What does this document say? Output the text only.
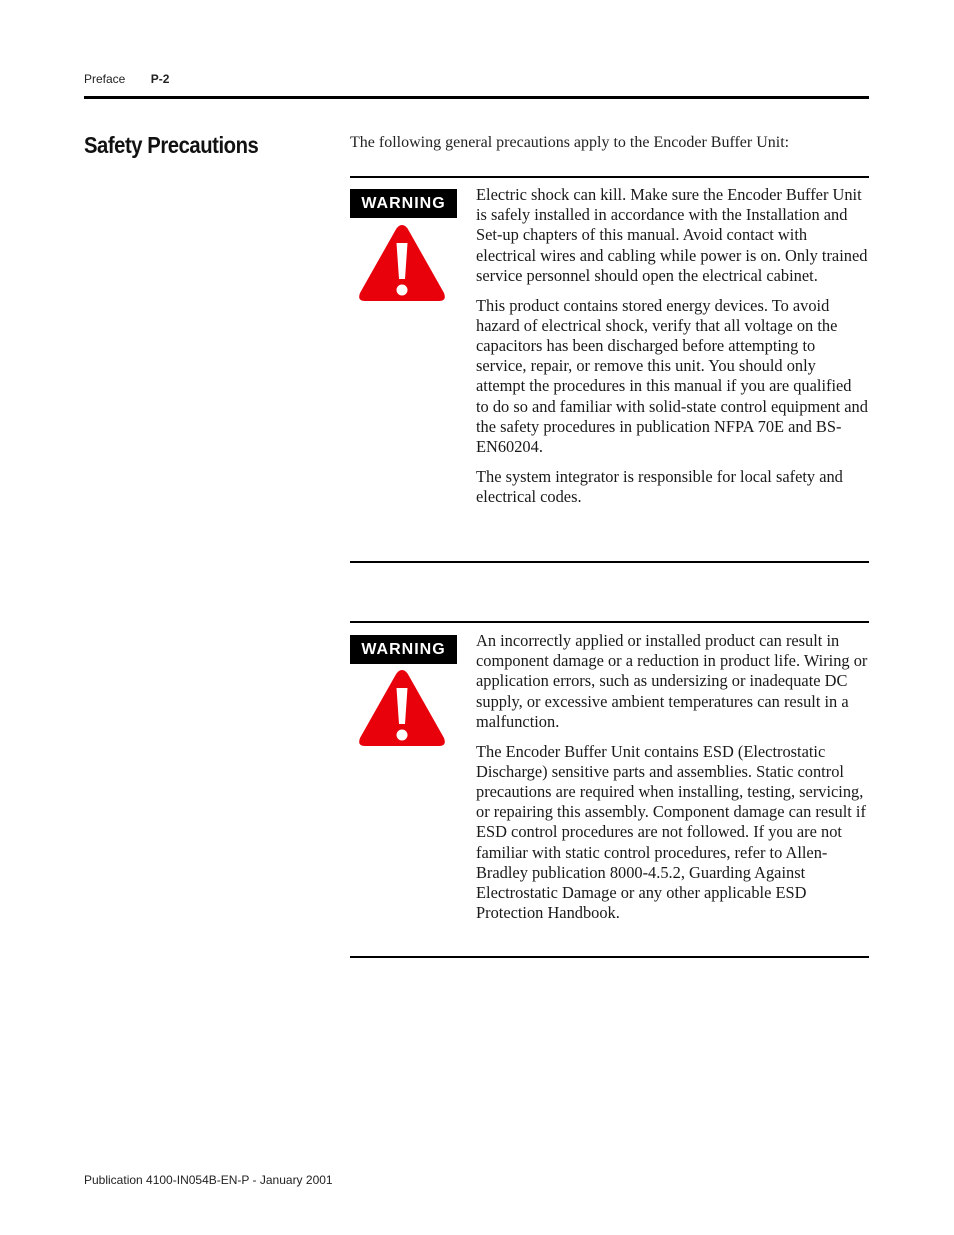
Preface P-2
Safety Precautions	The following general precautions apply to the Encoder Buffer Unit:
WARNING	Electric shock can kill. Make sure the Encoder Buffer Unit is safely installed in accordance with the Installation and Set-up chapters of this manual. Avoid contact with electrical wires and cabling while power is on. Only trained service personnel should open the electrical cabinet.

This product contains stored energy devices. To avoid hazard of electrical shock, verify that all voltage on the capacitors has been discharged before attempting to service, repair, or remove this unit. You should only attempt the procedures in this manual if you are qualified to do so and familiar with solid-state control equipment and the safety procedures in publication NFPA 70E and BS-EN60204.

The system integrator is responsible for local safety and electrical codes.

WARNING	An incorrectly applied or installed product can result in component damage or a reduction in product life. Wiring or application errors, such as undersizing or inadequate DC supply, or excessive ambient temperatures can result in a malfunction.

The Encoder Buffer Unit contains ESD (Electrostatic Discharge) sensitive parts and assemblies. Static control precautions are required when installing, testing, servicing, or repairing this assembly. Component damage can result if ESD control procedures are not followed. If you are not familiar with static control procedures, refer to Allen-Bradley publication 8000-4.5.2, Guarding Against Electrostatic Damage or any other applicable ESD Protection Handbook.

Publication 4100-IN054B-EN-P - January 2001
